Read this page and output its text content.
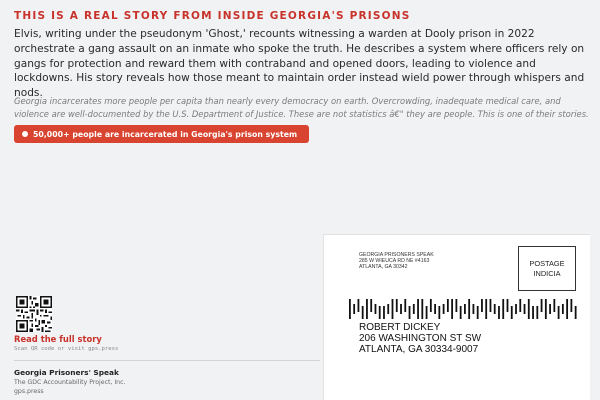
THIS IS A REAL STORY FROM INSIDE GEORGIA'S PRISONS

Elvis, writing under the pseudonym 'Ghost,' recounts witnessing a warden at Dooly prison in 2022 orchestrate a gang assault on an inmate who spoke the truth. He describes a system where officers rely on gangs for protection and reward them with contraband and opened doors, leading to violence and lockdowns. His story reveals how those meant to maintain order instead wield power through whispers and nods.

Georgia incarcerates more people per capita than nearly every democracy on earth. Overcrowding, inadequate medical care, and violence are well-documented by the U.S. Department of Justice. These are not statistics â€" they are people. This is one of their stories.

50,000+ people are incarcerated in Georgia's prison system
Read the full story
Scan QR code or visit gps.press
Georgia Prisoners' Speak
The GDC Accountability Project, Inc.
gps.press
GEORGIA PRISONERS SPEAK
285 W WIEUCA RD NE #4163
ATLANTA, GA 30342	POSTAGE
INDICIA
ROBERT DICKEY
206 WASHINGTON ST SW
ATLANTA, GA 30334-9007
